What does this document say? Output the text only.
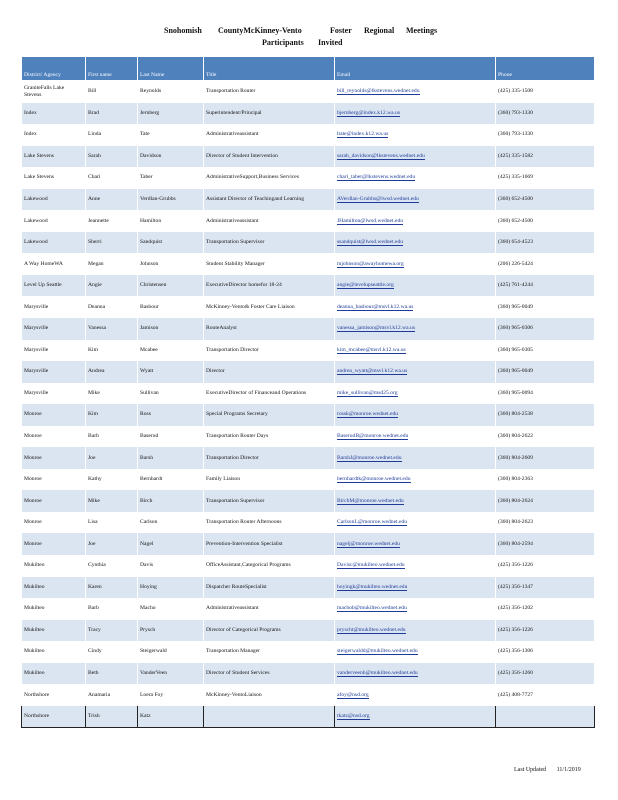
Snohomish CountyMcKinney-Vento	Foster Regional Meetings
Participants Invited
District/ Agency	First name	Last Name	Title	Email	Phone
GraniteFalls Lake Stevens	Bill	Reynolds	Transportation Router	bill_reynolds@lkstevens.wednet.edu	(425) 335-1508
Index	Brad	Jernberg	Superintendent/Principal	bjernberg@index.k12.wa.us	(360) 793-1330
Index	Linda	Tate	Administrativeassistant	ltate@index.k12.wa.us	(360) 793-1330
Lake Stevens	Sarah	Davidson	Director of Student Intervention	sarah_davidson@lkstevens.wednet.edu	(425) 335-1582
Lake Stevens	Chari	Taber	AdministrativeSupport,Business Services	chari_taber@lkstevens.wednet.edu	(425) 335-1669
Lakewood	Anne	Verdlan-Grubbs	Assistant Director of Teachingand Learning	AVerdlan-Grubbs@lwsd.wednet.edu	(360) 652-4500
Lakewood	Jeannette	Hamilton	Administrativeassistant	JHamilton@lwsd.wednet.edu	(360) 652-4500
Lakewood	Sherri	Sandquist	Transportation Supervisor	ssandquist@lwsd.wednet.edu	(360) 654-4523
A Way HomeWA	Megan	Johnson	Student Stability Manager	mjohnson@awayhomewa.org	(206) 226-5424
Level Up Seattle	Angie	Christensen	ExecutiveDirector homefor 18-24	angie@levelupseattle.org	(425) 761-4244
Marysville	Deanna	Basbour	McKinney-Vento& Foster Care Liaison	deanna_basbour@msvl.k12.wa.us	(360) 965-0049
Marysville	Vanessa	Jamison	RouteAnalyst	vanessa_jamison@msvl.k12.wa.us	(360) 965-0306
Marysville	Kim	Mcabee	Transportation Director	kim_mcabee@msvl.k12.wa.us	(360) 965-0305
Marysville	Andrea	Wyatt	Director	andrea_wyatt@msvl.k12.wa.us	(360) 965-0049
Marysville	Mike	Sullivan	ExecutiveDirector of Financeand Operations	mike_sullivan@msd25.org	(360) 965-0094
Monroe	Kim	Ross	Special Programs Secretary	rossk@monroe.wednet.edu	(360) 804-2538
Monroe	Barb	Baserud	Transportation Router Days	BaserudB@monroe.wednet.edu	(360) 804-2622
Monroe	Joe	Barsh	Transportation Director	BarshJ@monroe.wednet.edu	(360) 804-2609
Monroe	Kathy	Bernhardt	Family Liaison	bernhardtk@monroe.wednet.edu	(360) 804-2363
Monroe	Mike	Birch	Transportation Supervisor	BirchM@monroe.wednet.edu	(360) 804-2624
Monroe	Lisa	Carlson	Transportation Router Afternoons	CarlsonL@monroe.wednet.edu	(360) 804-2623
Monroe	Joe	Nagel	Prevention-Intervention Specialist	nagelj@monroe.wednet.edu	(360) 804-2594
Mukilteo	Cynthia	Davis	OfficeAssistant,Categorical Programs	Davisc@mukilteo.wednet.edu	(425) 356-1226
Mukilteo	Karen	Hoying	Dispatcher RouteSpecialist	hoyingk@mukilteo.wednet.edu	(425) 356-1347
Mukilteo	Barb	Macho	Administrativeassistant	machob@mukilteo.wednet.edu	(425) 356-1202
Mukilteo	Tracy	Prysch	Director of Categorical Programs	pryscht@mukilteo.wednet.edu	(425) 356-1226
Mukilteo	Cindy	Steigerwald	Transportation Manager	steigerwaldd@mukilteo.wednet.edu	(425) 356-1306
Mukilteo	Beth	VanderVeen	Director of Student Services	vanderveenb@mukilteo.wednet.edu	(425) 356-1260
Northshore	Anamaria	Loera Foy	McKinney-VentoLiaison	afoy@nsd.org	(425) 408-7727
Northshore	Trish	Katz		tkatz@nsd.org	
Last Updated 11/1/2019
